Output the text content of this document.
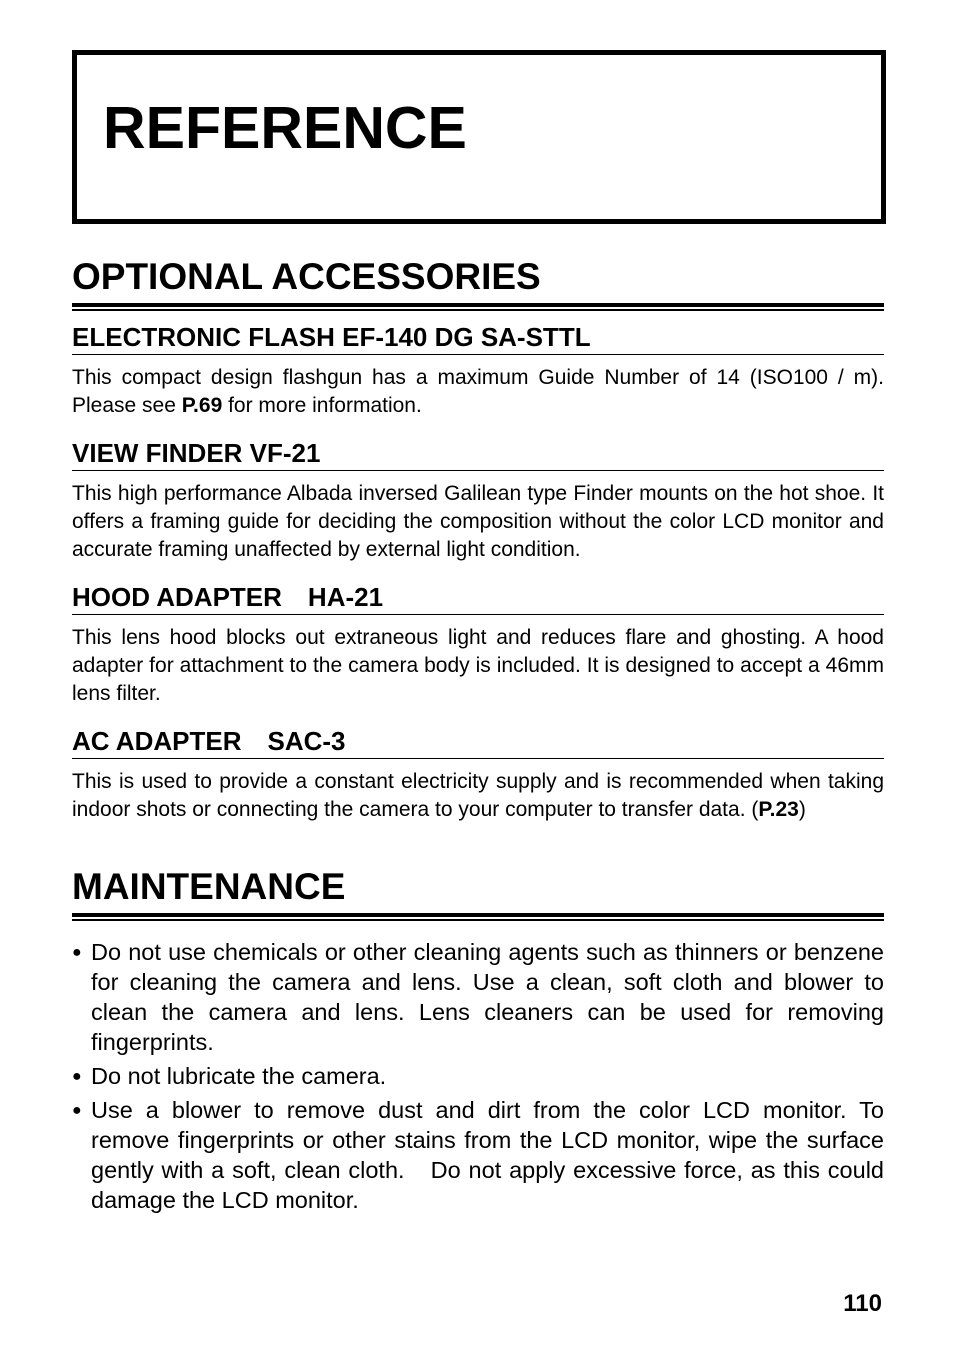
REFERENCE
OPTIONAL ACCESSORIES
ELECTRONIC FLASH EF-140 DG SA-STTL

This compact design flashgun has a maximum Guide Number of 14 (ISO100 / m). Please see P.69 for more information.

VIEW FINDER VF-21

This high performance Albada inversed Galilean type Finder mounts on the hot shoe. It offers a framing guide for deciding the composition without the color LCD monitor and accurate framing unaffected by external light condition.

HOOD ADAPTER　HA-21

This lens hood blocks out extraneous light and reduces flare and ghosting. A hood adapter for attachment to the camera body is included. It is designed to accept a 46mm lens filter.

AC ADAPTER　SAC-3

This is used to provide a constant electricity supply and is recommended when taking indoor shots or connecting the camera to your computer to transfer data. (P.23)

MAINTENANCE
● Do not use chemicals or other cleaning agents such as thinners or benzene for cleaning the camera and lens. Use a clean, soft cloth and blower to clean the camera and lens. Lens cleaners can be used for removing fingerprints.
● Do not lubricate the camera.
● Use a blower to remove dust and dirt from the color LCD monitor. To remove fingerprints or other stains from the LCD monitor, wipe the surface gently with a soft, clean cloth.　Do not apply excessive force, as this could damage the LCD monitor.
110
